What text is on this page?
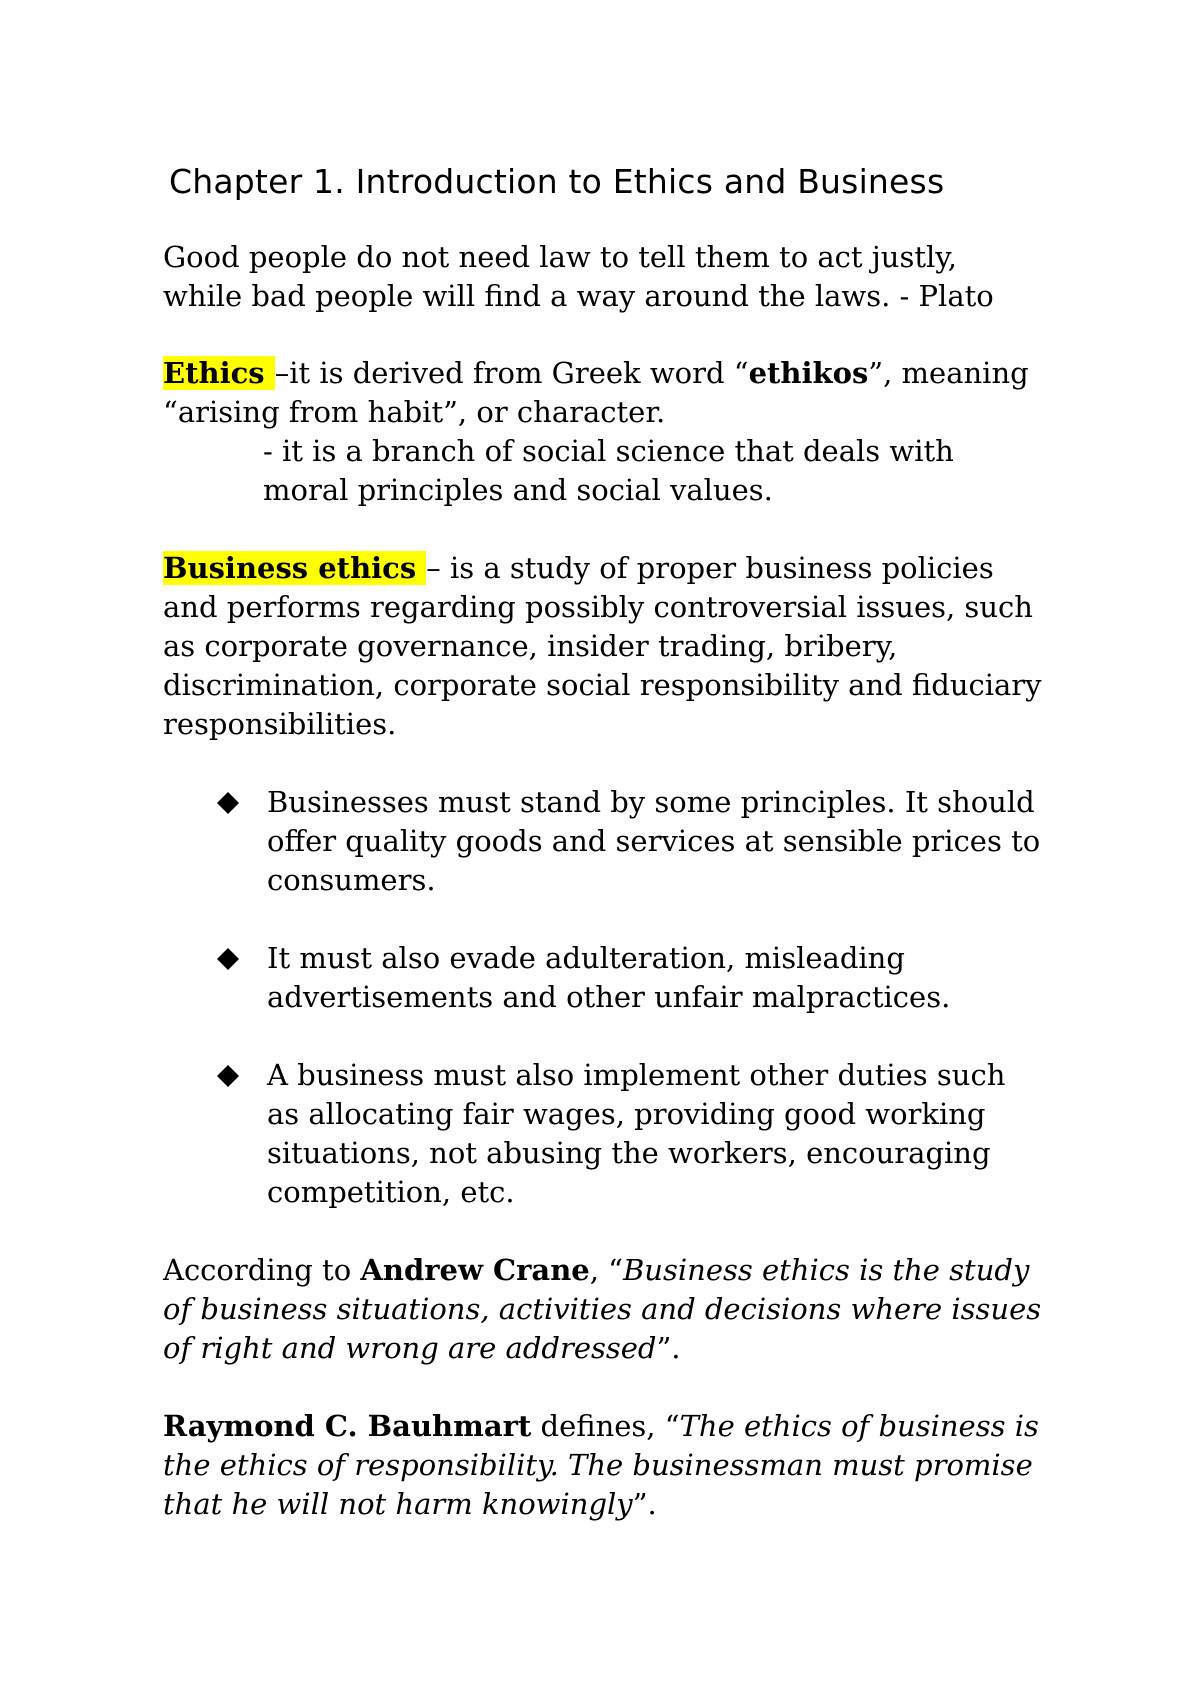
Chapter 1. Introduction to Ethics and Business

Good people do not need law to tell them to act justly, while bad people will find a way around the laws. - Plato

Ethics –it is derived from Greek word “ethikos”, meaning “arising from habit”, or character.

- it is a branch of social science that deals with moral principles and social values.

Business ethics – is a study of proper business policies and performs regarding possibly controversial issues, such as corporate governance, insider trading, bribery, discrimination, corporate social responsibility and fiduciary responsibilities.

Businesses must stand by some principles. It should offer quality goods and services at sensible prices to consumers.
It must also evade adulteration, misleading advertisements and other unfair malpractices.
A business must also implement other duties such as allocating fair wages, providing good working situations, not abusing the workers, encouraging competition, etc.

According to Andrew Crane, “Business ethics is the study of business situations, activities and decisions where issues of right and wrong are addressed”.

Raymond C. Bauhmart defines, “The ethics of business is the ethics of responsibility. The businessman must promise that he will not harm knowingly”.
